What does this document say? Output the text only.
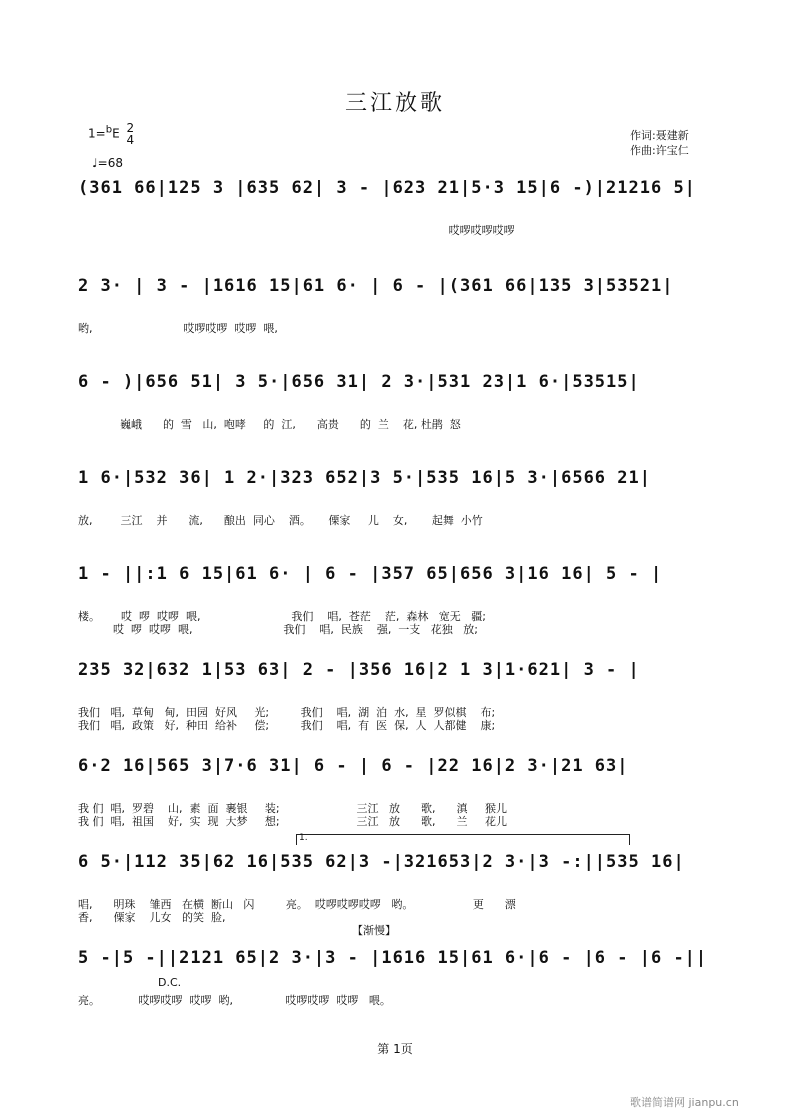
三江放歌
1=$^b$E 2
4
♩=68
作词:聂建新
作曲:许宝仁
(361 66|125 3 |635 62| 3 - |623 21|5·3 15|6 -)|21216 5|
哎啰哎啰哎啰
2 3· | 3 - |1616 15|61 6· | 6 - |(361 66|135 3|53521|
哟,                          哎啰哎啰  哎啰  喂,
6 - )|656 51| 3 5·|656 31| 2 3·|531 23|1 6·|53515|
巍峨      的  雪   山,  咆哮     的  江,      高贵      的  兰    花, 杜鹃  怒
1 6·|532 36| 1 2·|323 652|3 5·|535 16|5 3·|6566 21|
放,        三江    并      流,      酿出  同心    酒。     傈家     儿    女,       起舞  小竹
1 - ||:1 6 15|61 6· | 6 - |357 65|656 3|16 16| 5 - |
楼。      哎  啰  哎啰  喂,                          我们    唱,  苍茫    茫,  森林   宽无   疆;
哎  啰  哎啰  喂,                          我们    唱,  民族    强,  一支   花独   放;
235 32|632 1|53 63| 2 - |356 16|2 1 3|1·621| 3 - |
我们   唱,  草甸   甸,  田园  好风     光;         我们    唱,  湖  泊  水,  星  罗似棋    布;
我们   唱,  政策   好,  种田  给补     偿;         我们    唱,  有  医  保,  人  人都健    康;
6·2 16|565 3|7·6 31| 6 - | 6 - |22 16|2 3·|21 63|
我 们  唱,  罗碧    山,  素  面  裹银     装;                      三江   放      歌,      滇     猴儿
我 们  唱,  祖国    好,  实  现  大梦     想;                      三江   放      歌,      兰     花儿
1.
6 5·|112 35|62 16|535 62|3 -|321653|2 3·|3 -:||535 16|
唱,      明珠    雏西   在横  断山   闪         亮。  哎啰哎啰哎啰   哟。                 更      漂
香,      傈家    儿女   的笑  脸,
【渐慢】
5 -|5 -||2121 65|2 3·|3 - |1616 15|61 6·|6 - |6 - |6 -||
亮。           哎啰哎啰  哎啰  哟,               哎啰哎啰  哎啰   喂。
D.C.
第 1页
歌谱简谱网 jianpu.cn
